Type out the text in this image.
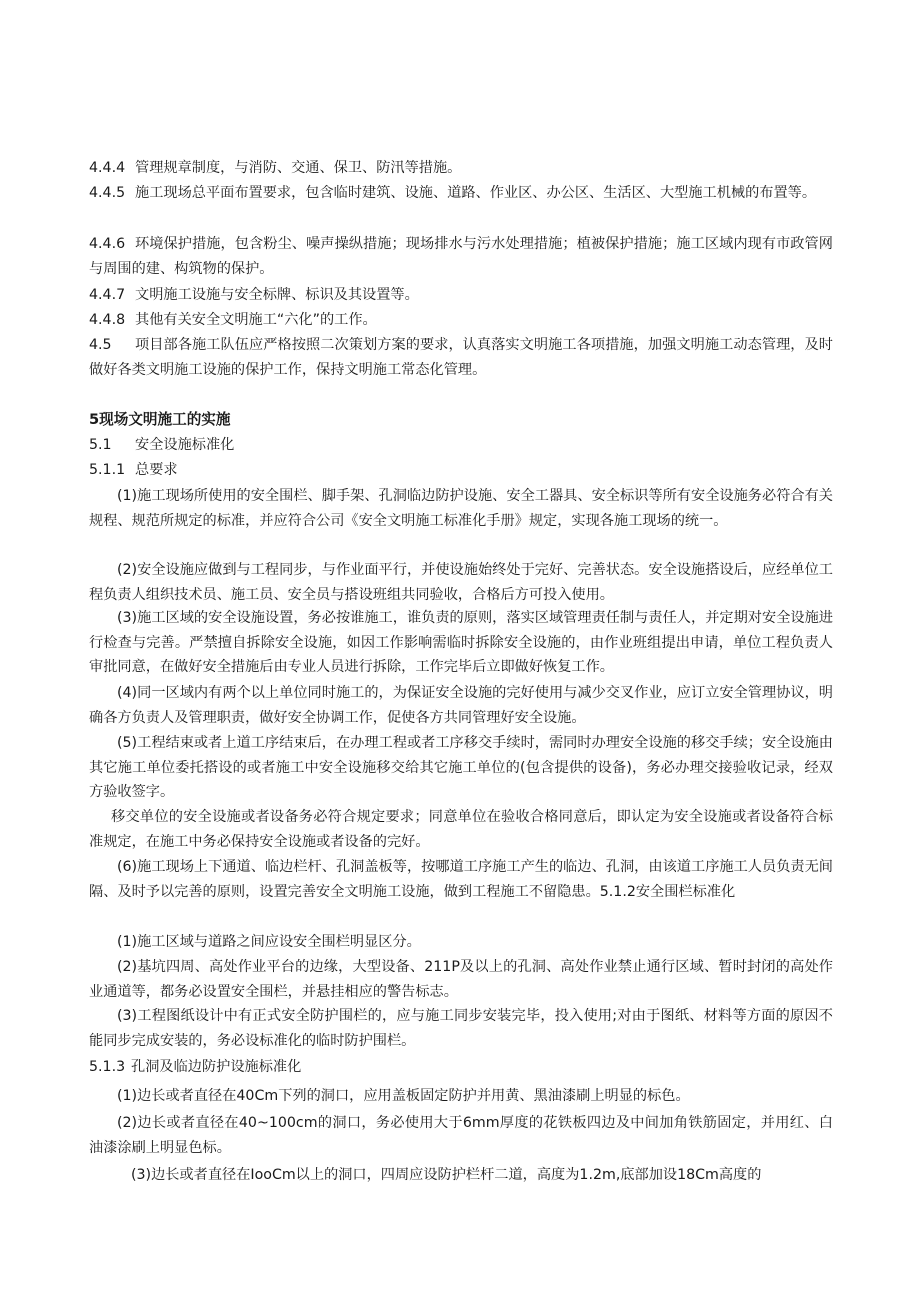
4.4.4 管理规章制度，与消防、交通、保卫、防汛等措施。
4.4.5 施工现场总平面布置要求，包含临时建筑、设施、道路、作业区、办公区、生活区、大型施工机械的布置等。
4.4.6 环境保护措施，包含粉尘、噪声操纵措施；现场排水与污水处理措施；植被保护措施；施工区域内现有市政管网与周围的建、构筑物的保护。
4.4.7 文明施工设施与安全标牌、标识及其设置等。
4.4.8 其他有关安全文明施工“六化”的工作。
4.5 项目部各施工队伍应严格按照二次策划方案的要求，认真落实文明施工各项措施，加强文明施工动态管理，及时做好各类文明施工设施的保护工作，保持文明施工常态化管理。
5现场文明施工的实施
5.1 安全设施标准化
5.1.1 总要求
(1)施工现场所使用的安全围栏、脚手架、孔洞临边防护设施、安全工器具、安全标识等所有安全设施务必符合有关规程、规范所规定的标准，并应符合公司《安全文明施工标准化手册》规定，实现各施工现场的统一。
(2)安全设施应做到与工程同步，与作业面平行，并使设施始终处于完好、完善状态。安全设施搭设后，应经单位工程负责人组织技术员、施工员、安全员与搭设班组共同验收，合格后方可投入使用。
(3)施工区域的安全设施设置，务必按谁施工，谁负责的原则，落实区域管理责任制与责任人，并定期对安全设施进行检查与完善。严禁擅自拆除安全设施，如因工作影响需临时拆除安全设施的，由作业班组提出申请，单位工程负责人审批同意，在做好安全措施后由专业人员进行拆除，工作完毕后立即做好恢复工作。
(4)同一区域内有两个以上单位同时施工的，为保证安全设施的完好使用与减少交叉作业，应订立安全管理协议，明确各方负责人及管理职责，做好安全协调工作，促使各方共同管理好安全设施。
(5)工程结束或者上道工序结束后，在办理工程或者工序移交手续时，需同时办理安全设施的移交手续；安全设施由其它施工单位委托搭设的或者施工中安全设施移交给其它施工单位的(包含提供的设备)，务必办理交接验收记录，经双方验收签字。
移交单位的安全设施或者设备务必符合规定要求；同意单位在验收合格同意后，即认定为安全设施或者设备符合标准规定，在施工中务必保持安全设施或者设备的完好。
(6)施工现场上下通道、临边栏杆、孔洞盖板等，按哪道工序施工产生的临边、孔洞，由该道工序施工人员负责无间隔、及时予以完善的原则，设置完善安全文明施工设施，做到工程施工不留隐患。5.1.2安全围栏标准化
(1)施工区域与道路之间应设安全围栏明显区分。
(2)基坑四周、高处作业平台的边缘，大型设备、211P及以上的孔洞、高处作业禁止通行区域、暂时封闭的高处作业通道等，都务必设置安全围栏，并悬挂相应的警告标志。
(3)工程图纸设计中有正式安全防护围栏的，应与施工同步安装完毕，投入使用;对由于图纸、材料等方面的原因不能同步完成安装的，务必设标准化的临时防护围栏。
5.1.3 孔洞及临边防护设施标准化
(1)边长或者直径在40Cm下列的洞口，应用盖板固定防护并用黄、黑油漆刷上明显的标色。
(2)边长或者直径在40~100cm的洞口，务必使用大于6mm厚度的花铁板四边及中间加角铁筋固定，并用红、白油漆涂刷上明显色标。
(3)边长或者直径在IooCm以上的洞口，四周应设防护栏杆二道，高度为1.2m,底部加设18Cm高度的
